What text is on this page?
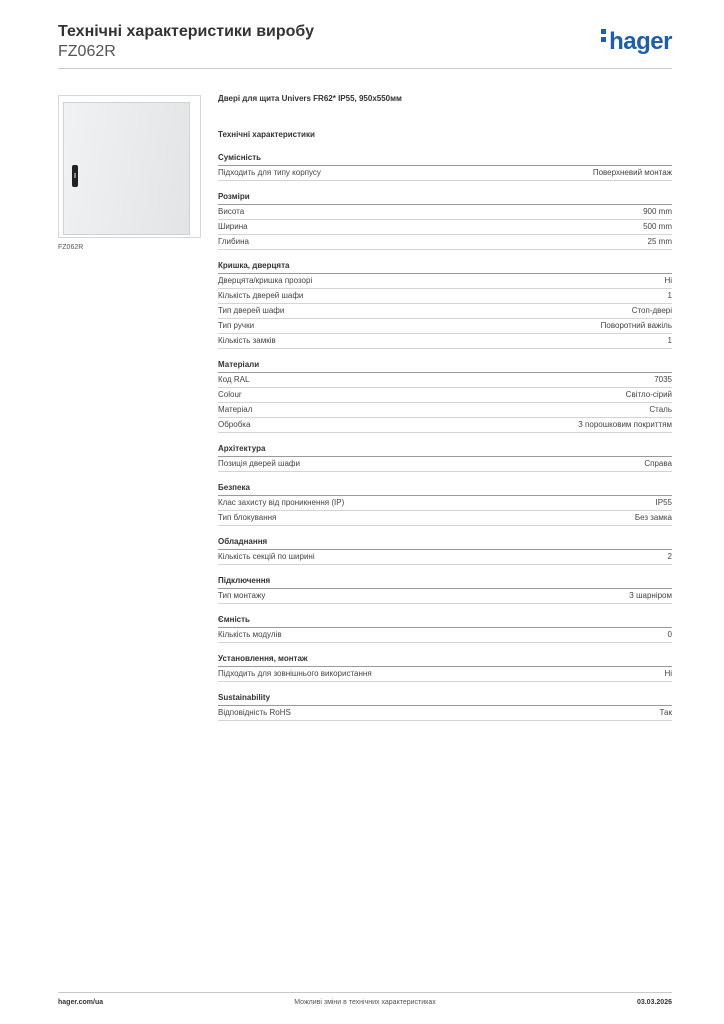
Технічні характеристики виробу

FZ062R	hager
FZ062R
Двері для щита Univers FR62* IP55, 950x550мм
Технічні характеристики
Сумісність
Підходить для типу корпусу	Поверхневий монтаж
Розміри
Висота	900 mm
Ширина	500 mm
Глибина	25 mm
Кришка, дверцята
Дверцята/кришка прозорі	Ні
Кількість дверей шафи	1
Тип дверей шафи	Стоп-двері
Тип ручки	Поворотний важіль
Кількість замків	1
Матеріали
Код RAL	7035
Colour	Світло-сірий
Матеріал	Сталь
Обробка	З порошковим покриттям
Архітектура
Позиція дверей шафи	Справа
Безпека
Клас захисту від проникнення (IP)	IP55
Тип блокування	Без замка
Обладнання
Кількість секцій по ширині	2
Підключення
Тип монтажу	З шарніром
Ємність
Кількість модулів	0
Установлення, монтаж
Підходить для зовнішнього використання	Ні
Sustainability
Відповідність RoHS	Так
hager.com/ua	Можливі зміни в технічних характеристиках	03.03.2026
